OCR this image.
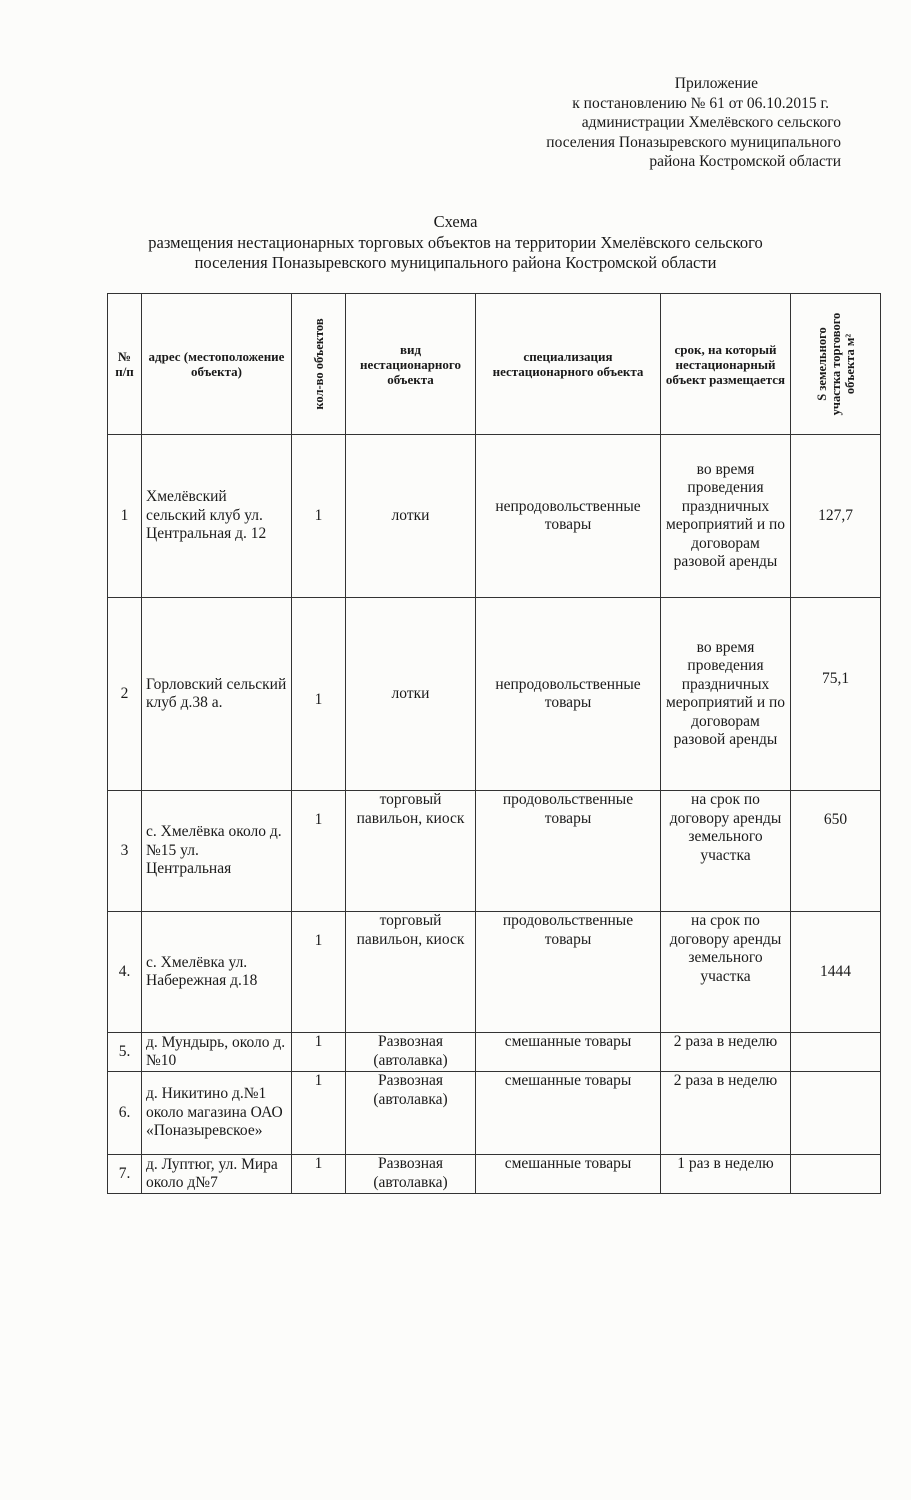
Приложение
к постановлению № 61 от 06.10.2015 г.
администрации Хмелёвского сельского
поселения Поназыревского муниципального
района Костромской области
Схема
размещения нестационарных торговых объектов на территории Хмелёвского сельского
поселения Поназыревского муниципального района Костромской области
№ п/п	адрес (местоположение объекта)	кол-во объектов	вид нестационарного объекта	специализация нестационарного объекта	срок, на который нестационарный объект размещается	S земельного участка торгового объекта м²

1	Хмелёвский сельский клуб ул. Центральная д. 12	1	лотки	непродовольственные товары	во время проведения праздничных мероприятий и по договорам разовой аренды	127,7
2	Горловский сельский клуб д.38 а.	1	лотки	непродовольственные товары	во время проведения праздничных мероприятий и по договорам разовой аренды	75,1
3	с. Хмелёвка около д. №15 ул. Центральная	1	торговый павильон, киоск	продовольственные товары	на срок по договору аренды земельного участка	650
4.	с. Хмелёвка ул. Набережная д.18	1	торговый павильон, киоск	продовольственные товары	на срок по договору аренды земельного участка	1444
5.	д. Мундырь, около д.№10	1	Развозная (автолавка)	смешанные товары	2 раза в неделю	
6.	д. Никитино д.№1 около магазина ОАО «Поназыревское»	1	Развозная (автолавка)	смешанные товары	2 раза в неделю	
7.	д. Луптюг, ул. Мира около д№7	1	Развозная (автолавка)	смешанные товары	1 раз в неделю	
